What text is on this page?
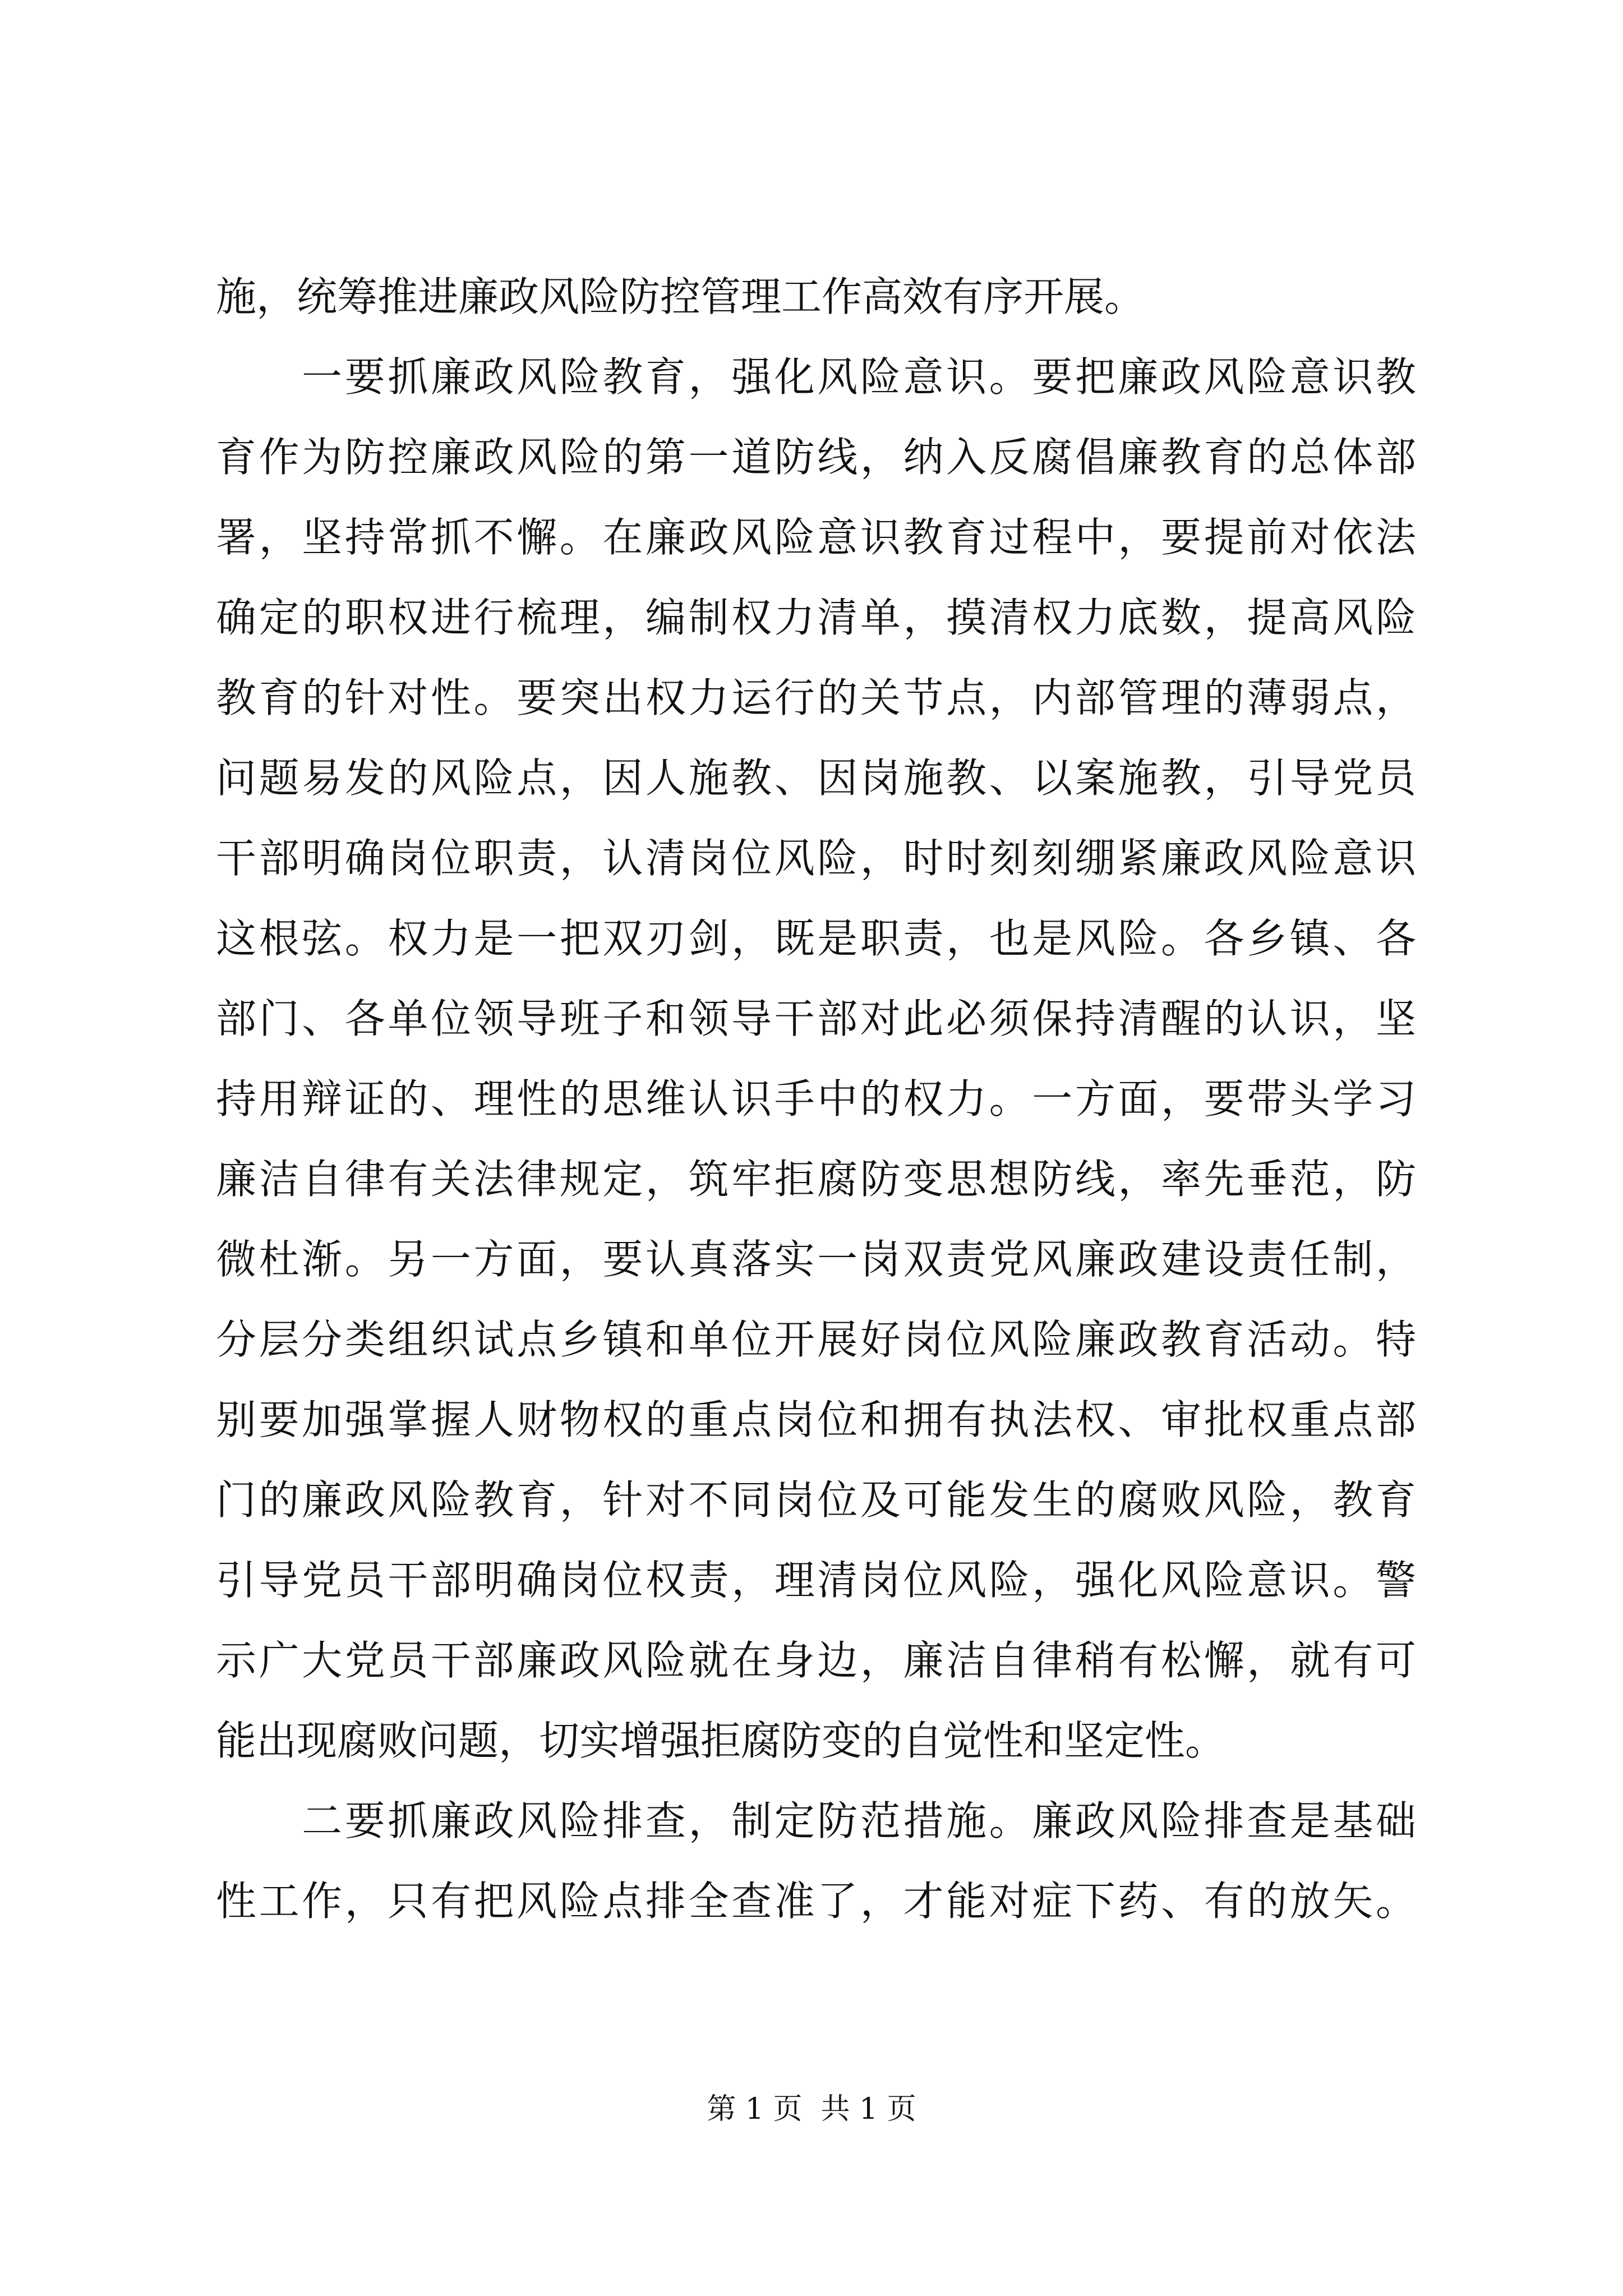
施，统筹推进廉政风险防控管理工作高效有序开展。
　　一要抓廉政风险教育，强化风险意识。要把廉政风险意识教
育作为防控廉政风险的第一道防线，纳入反腐倡廉教育的总体部
署，坚持常抓不懈。在廉政风险意识教育过程中，要提前对依法
确定的职权进行梳理，编制权力清单，摸清权力底数，提高风险
教育的针对性。要突出权力运行的关节点，内部管理的薄弱点，
问题易发的风险点，因人施教、因岗施教、以案施教，引导党员
干部明确岗位职责，认清岗位风险，时时刻刻绷紧廉政风险意识
这根弦。权力是一把双刃剑，既是职责，也是风险。各乡镇、各
部门、各单位领导班子和领导干部对此必须保持清醒的认识，坚
持用辩证的、理性的思维认识手中的权力。一方面，要带头学习
廉洁自律有关法律规定，筑牢拒腐防变思想防线，率先垂范，防
微杜渐。另一方面，要认真落实一岗双责党风廉政建设责任制，
分层分类组织试点乡镇和单位开展好岗位风险廉政教育活动。特
别要加强掌握人财物权的重点岗位和拥有执法权、审批权重点部
门的廉政风险教育，针对不同岗位及可能发生的腐败风险，教育
引导党员干部明确岗位权责，理清岗位风险，强化风险意识。警
示广大党员干部廉政风险就在身边，廉洁自律稍有松懈，就有可
能出现腐败问题，切实增强拒腐防变的自觉性和坚定性。
　　二要抓廉政风险排查，制定防范措施。廉政风险排查是基础
性工作，只有把风险点排全查准了，才能对症下药、有的放矢。
第 1 页  共 1 页
